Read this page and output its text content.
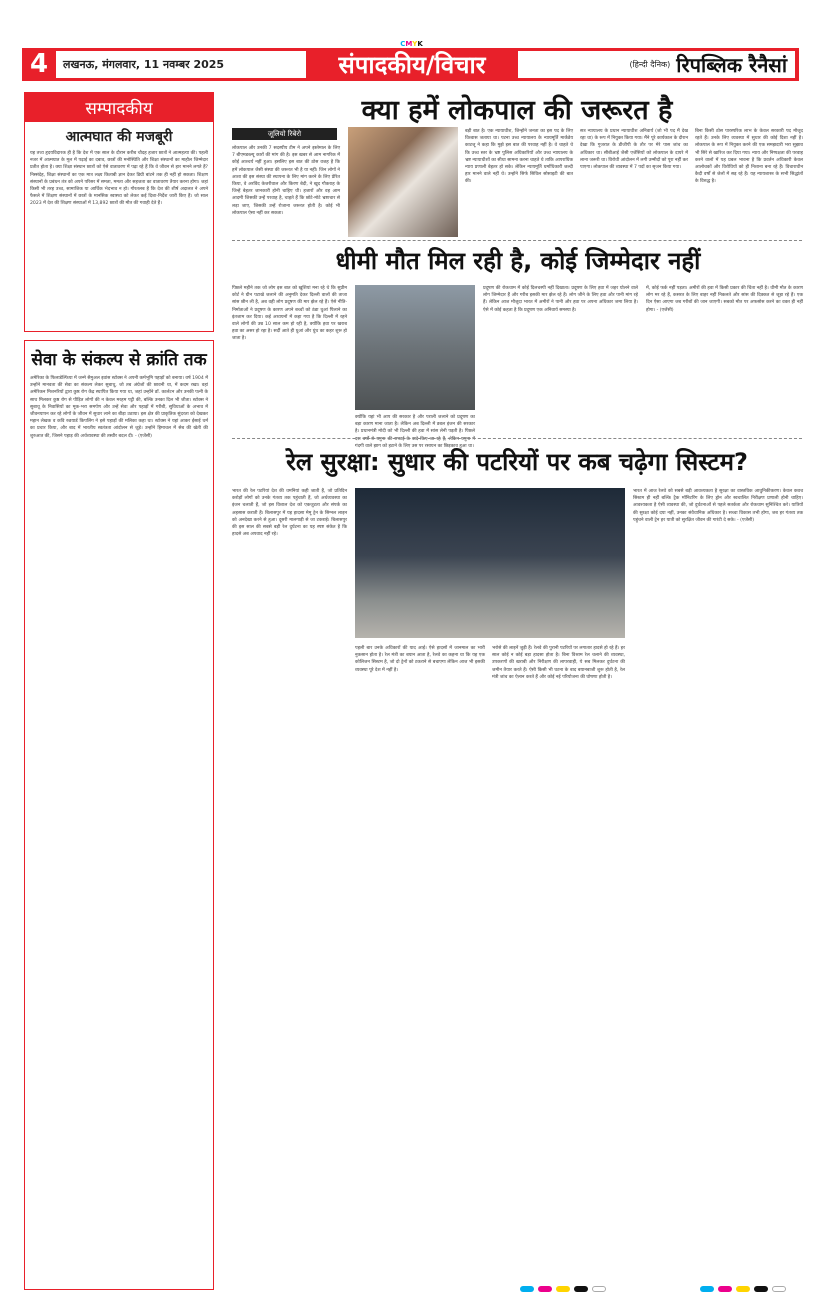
CMYK
4	लखनऊ, मंगलवार, 11 नवम्बर 2025	संपादकीय/विचार	(हिन्दी दैनिक) रिपब्लिक रैनैसां
सम्पादकीय
आत्मघात की मजबूरी
यह तथ्य हृदयविदारक ही है कि देश में एक साल के दौरान करीब चौदह हजार छात्रों ने आत्महत्या की। पहली नजर में आत्मघात के मूल में पढ़ाई का दबाव, छात्रों की मनोस्थिति और शिक्षा संस्थानों का माहौल जिम्मेदार प्रतीत होता है। क्या शिक्षा संस्थान छात्रों को ऐसे वातावरण में पढ़ा रहे हैं कि वे जीवन से हार मानने लगते हैं? निस्संदेह, शिक्षा संस्थानों का एक मात्र लक्ष्य किताबी ज्ञान देकर डिग्री बांटने तक ही नहीं हो सकता। शिक्षण संस्थानों के प्रबंधन तंत्र को अपने परिसर में समता, ममता और सहजता का वातावरण तैयार करना होगा। जहां किसी भी तरह उच्च, सामाजिक या आर्थिक भेदभाव न हो। गौरतलब है कि देश की शीर्ष अदालत ने अपने फैसले में शिक्षण संस्थानों में छात्रों के मानसिक स्वास्थ्य को लेकर कई दिशा-निर्देश जारी किए हैं। जो साल 2023 में देश की शिक्षण संस्थाओं में 13,892 छात्रों की मौत की गवाही देते हैं।
सेवा के संकल्प से क्रांति तक
अमेरिका के फिलाडेल्फिया में जन्मे सैमुअल इवांस स्टोक्स ने अपनी कर्मभूमि पहाड़ों को बनाया। वर्ष 1904 में उन्होंने मानवता की सेवा का संकल्प लेकर सुबाथू, जो तब अंग्रेजों की छावनी था, में कदम रखा। वहां अमेरिकन मिशनरियों द्वारा कुष्ठ रोग केंद्र स्थापित किया गया था, जहां उन्होंने डॉ. कार्लटन और उनकी पत्नी के साथ मिलकर कुष्ठ रोग से पीड़ित लोगों की न केवल मरहम पट्टी की, बल्कि उनका दिल भी जीता। स्टोक्स ने सुबाथू के निवासियों का मूक-भरा समर्पण और उन्हें सेवा और पहाड़ों में गरीबी, सुविधाओं के अभाव में जीवनयापन कर रहे लोगों के जीवन में सुधार लाने का बीड़ा उठाया। इस क्षेत्र की प्राकृतिक सुंदरता को देखकर महान लेखक व कवि रुडयार्ड किपलिंग ने इसे पहाड़ों की मलिका कहा था। स्टोक्स ने यहां आकर ईसाई धर्म का प्रचार किया, और बाद में भारतीय स्वतंत्रता आंदोलन से जुड़े। उन्होंने हिमाचल में सेब की खेती की शुरुआत की, जिसने पहाड़ की अर्थव्यवस्था की तस्वीर बदल दी। - (एजेंसी)
क्या हमें लोकपाल की जरूरत है
जूलियो रिबेरो
लोकपाल और उनकी 7 सदस्यीय टीम ने अपने इस्तेमाल के लिए 7 बीएमडब्ल्यू कारों की मांग की है। इस खबर से आम नागरिक में कोई आश्चर्य नहीं हुआ। इसलिए इस बात की ठोस वजह है कि हमें लोकपाल जैसी संस्था की जरूरत भी है या नहीं। जिन लोगों ने आशा की इस संस्था की स्थापना के लिए मांग करने के लिए प्रेरित किया, वे अरविंद केजरीवाल और किरण बेदी, ने खुद गौकराह के जिन्हें बेहतर जानकारी होनी चाहिए थी। हजारों और वह आम आदमी जिसकी उन्हें परवाह है, चाहते हैं कि छोटे-मोटे भ्रष्टाचार से लड़ा जाए, जिसकी उन्हें रोजाना जरूरत होती है। कोई भी लोकपाल ऐसा नहीं कर सकता।
बड़ी बात है। एक न्यायाधीश, जिन्होंने जनता का इस पद के लिए विश्वास जताया था। पटना उच्च न्यायालय के न्यायमूर्ति मार्कंडेय काटजू ने कहा कि मुझे इस बात की परवाह नहीं है। वे चाहते थे कि उच्च स्तर के भ्रष्ट पुलिस अधिकारियों और उच्च न्यायालय के भ्रष्ट न्यायाधीशों का सीधा सामना करना चाहते थे ताकि आपराधिक न्याय प्रणाली बेहतर हो सके। लेकिन न्यायमूर्ति धर्माधिकारी जल्दी हार मानने वाले नहीं थे। उन्होंने सिर्फ सिविल सोसाइटी की बात की।
सत्र न्यायालय के प्रधान न्यायाधीश अनिवार्य (जो भी पद मैं देख रहा था) के रूप में नियुक्त किया गया। मैंने पूरे कार्यकाल के दौरान देखा कि गुजरात के डीजीपी के तौर पर मेरे पास जांच का अधिकार था। सीबीआई जैसी एजेंसियों को लोकपाल के दायरे में लाना जरूरी था। विरोधी आंदोलन में लगी उम्मीदों को पूरा नहीं कर पाएगा। लोकपाल की व्यवस्था में 7 पदों का सृजन किया गया।
बिना किसी ठोस पारस्परिक लाभ के केवल सरकारी पद मौजूद रहते हैं। उनके लिए व्यवस्था में सुधार की कोई दिशा नहीं है। लोकपाल के रूप में नियुक्त करने की एक समझदारी भरा सुझाव भी सिरे से खारिज कर दिया गया। न्याय और निष्पक्षता की परवाह करने वालों में यह प्रबल भावना है कि प्रवर्तन अधिकारी केवल आलोचकों और विरोधियों को ही निशाना बना रहे हैं। विचाराधीन कैदी वर्षों से जेलों में सड़ रहे हैं। यह न्यायशास्त्र के सभी सिद्धांतों के विरुद्ध है।
धीमी मौत मिल रही है, कोई जिम्मेदार नहीं
पिछले महीने तक जो लोग इस बात को खुशियां मना रहे थे कि सुप्रीम कोर्ट ने ग्रीन पटाखे जलाने की अनुमति देकर दिल्ली वालों की ताजा सांस छीन ली है, अब वही लोग प्रदूषण की मार झेल रहे हैं। ऐसे नीति-निर्माताओं ने प्रदूषण के कारण अपने बच्चों को ठंडा धुआं पिलाने का इंतजाम कर दिया। कई अध्ययनों में कहा गया है कि दिल्ली में रहने वाले लोगों की उम्र 10 साल कम हो रही है, क्योंकि हवा पर खराब हवा का असर हो रहा है। सर्दी आते ही धुआं और धुंध का कहर शुरू हो जाता है।
क्योंकि यहां भी आप की सरकार है और पराली जलाने को प्रदूषण का बड़ा कारण माना जाता है। लेकिन अब दिल्ली में डबल इंजन की सरकार है। प्रधानमंत्री मोदी को भी दिल्ली की हवा में सांस लेनी पड़ती है। पिछले दस वर्षों से यमुना की सफाई के वादे किए जा रहे हैं, लेकिन यमुना में गंदगी वाले झाग को हटाने के लिए उस पर रसायन का छिड़काव हुआ था।
प्रदूषण की रोकथाम में कोई दिलचस्पी नहीं दिखाता। प्रदूषण के लिए हवा में जहर घोलने वाले लोग जिम्मेदार हैं और गरीब इसकी मार झेल रहे हैं। लोग जीने के लिए हवा और पानी मांग रहे हैं। लेकिन आज मौजूदा भारत में अमीरों ने पानी और हवा पर अपना अधिकार जमा लिया है। ऐसे में कोई कहता है कि प्रदूषण एक अनिवार्य समस्या है।
में, कोई फर्क नहीं पड़ता। अमीरों की हवा में किसी प्रकार की चिंता नहीं है। धीमी मौत के कारण लोग मर रहे हैं, कसरत के लिए बाहर नहीं निकलते और सांस की दिक्कत से जूझ रहे हैं। एक दिन ऐसा आएगा जब गरीबों की जान जाएगी। सबको मौत पर अफसोस करने का वक्त ही नहीं होगा। - (एजेंसी)
रेल सुरक्षा: सुधार की पटरियों पर कब चढ़ेगा सिस्टम?
भारत की रेल पटरियां देश की धमनियां कही जाती हैं, जो प्रतिदिन करोड़ों लोगों को उनके गंतव्य तक पहुंचाती हैं, जो अर्थव्यवस्था का इंजन चलाती हैं, जो इस विशाल देश को एकजुटता और संपर्क का अहसास कराती हैं। बिलासपुर में यह हादसा मेमू ट्रेन के सिग्नल लाइन को अनदेखा करने से हुआ। दूसरी मालगाड़ी से जा टकराई। बिलासपुर की इस साल की सबसे बड़ी रेल दुर्घटना का यह स्पष्ट संकेत है कि हादसे अब अपवाद नहीं रहे।
पहली बार उनके अधिकारों की याद आई। ऐसे हादसों में जानमाल का भारी नुकसान होता है। रेल मंत्री का बयान आता है, रेलवे का कहना था कि यह एक कोलिजन सिस्टम है, जो दो ट्रेनों को टकराने से बचाएगा लेकिन आज भी इसकी व्यवस्था पूरे देश में नहीं है।
भरोसे की लाइनें जुड़ी हैं। रेलवे की पुरानी पटरियों पर लगातार हादसे हो रहे हैं। हर साल कोई न कोई बड़ा हादसा होता है। बिना विश्राम रेल चलाने की व्यवस्था, उपकरणों की खराबी और निरीक्षण की लापरवाही, ये सब मिलकर दुर्घटना की जमीन तैयार करते हैं। ऐसी किसी भी घटना के बाद बयानबाजी शुरू होती है, रेल मंत्री जांच का ऐलान करते हैं और कोई नई परियोजना की घोषणा होती है।
भारत में आज रेलवे को सबसे बड़ी आवश्यकता है सुरक्षा का वास्तविक आधुनिकीकरण। केवल कवच सिस्टम ही नहीं बल्कि ट्रैक मॉनिटरिंग के लिए ड्रोन और स्वचालित निरीक्षण प्रणाली होनी चाहिए। आवश्यकता है ऐसी व्यवस्था की, जो दुर्घटनाओं से पहले सतर्कता और रोकथाम सुनिश्चित करे। यात्रियों की सुरक्षा कोई दया नहीं, उनका संवैधानिक अधिकार है। सच्चा विकास तभी होगा, जब हर गंतव्य तक पहुंचने वाली ट्रेन हर यात्री को सुरक्षित जीवन की गारंटी दे सके। - (एजेंसी)
